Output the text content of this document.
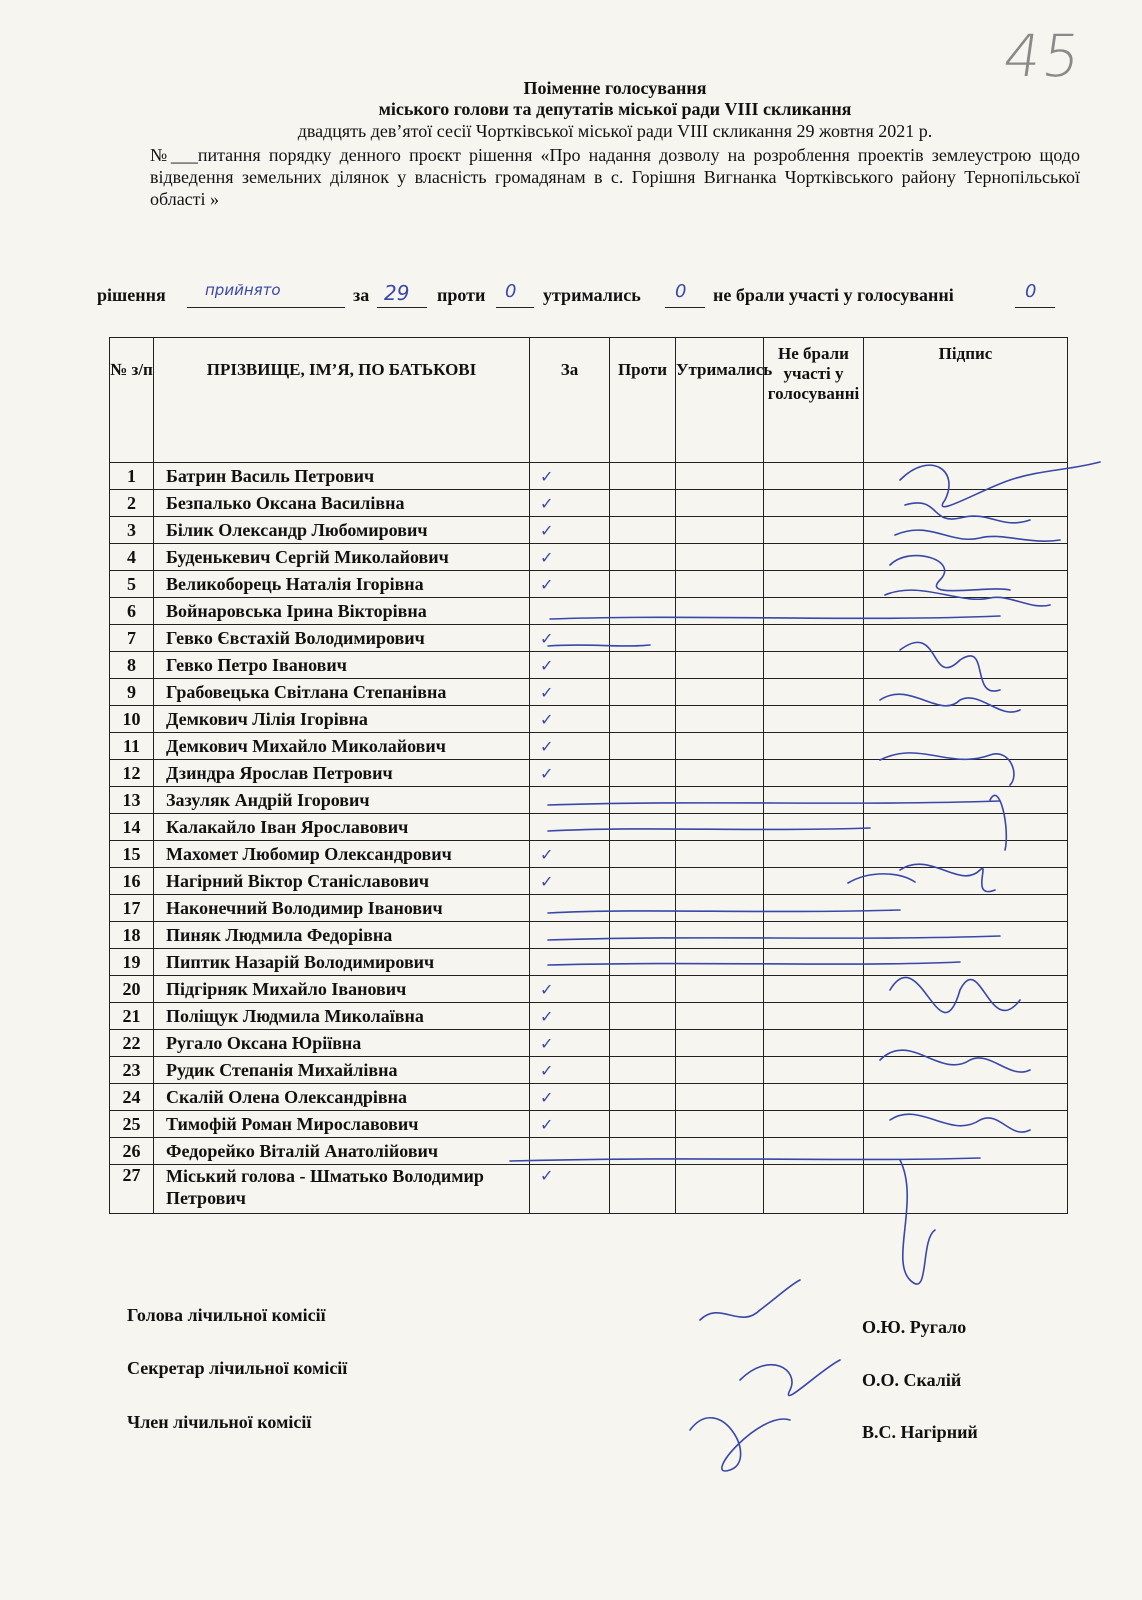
45
Поіменне голосування
міського голови та депутатів міської ради VIII скликання
двадцять дев’ятої сесії Чортківської міської ради VIII скликання 29 жовтня 2021 р.
№___питання порядку денного проєкт рішення «Про надання дозволу на розроблення проектів землеустрою щодо відведення земельних ділянок у власність громадянам в с. Горішня Вигнанка Чортківського району Тернопільської області »
рішення	прийнято	за 29 проти 0 утримались 0 не брали участі у голосуванні	0
№ з/п	ПРІЗВИЩЕ, ІМ’Я, ПО БАТЬКОВІ	За	Проти	Утримались	Не брали участі у голосуванні	Підпис
1	Батрин Василь Петрович	✓				
2	Безпалько Оксана Василівна	✓				
3	Білик Олександр Любомирович	✓				
4	Буденькевич Сергій Миколайович	✓				
5	Великоборець Наталія Ігорівна	✓				
6	Войнаровська Ірина Вікторівна					
7	Гевко Євстахій Володимирович	✓				
8	Гевко Петро Іванович	✓				
9	Грабовецька Світлана Степанівна	✓				
10	Демкович Лілія Ігорівна	✓				
11	Демкович Михайло Миколайович	✓				
12	Дзиндра Ярослав Петрович	✓				
13	Зазуляк Андрій Ігорович					
14	Калакайло Іван Ярославович					
15	Махомет Любомир Олександрович	✓				
16	Нагірний Віктор Станіславович	✓				
17	Наконечний Володимир Іванович					
18	Пиняк Людмила Федорівна					
19	Пиптик Назарій Володимирович					
20	Підгірняк Михайло Іванович	✓				
21	Поліщук Людмила Миколаївна	✓				
22	Ругало Оксана Юріївна	✓				
23	Рудик Степанія Михайлівна	✓				
24	Скалій Олена Олександрівна	✓				
25	Тимофій Роман Мирославович	✓				
26	Федорейко Віталій Анатолійович					
27	Міський голова - Шматько Володимир Петрович	✓				
Голова лічильної комісії
О.Ю. Ругало
Секретар лічильної комісії
О.О. Скалій
Член лічильної комісії	В.С. Нагірний
